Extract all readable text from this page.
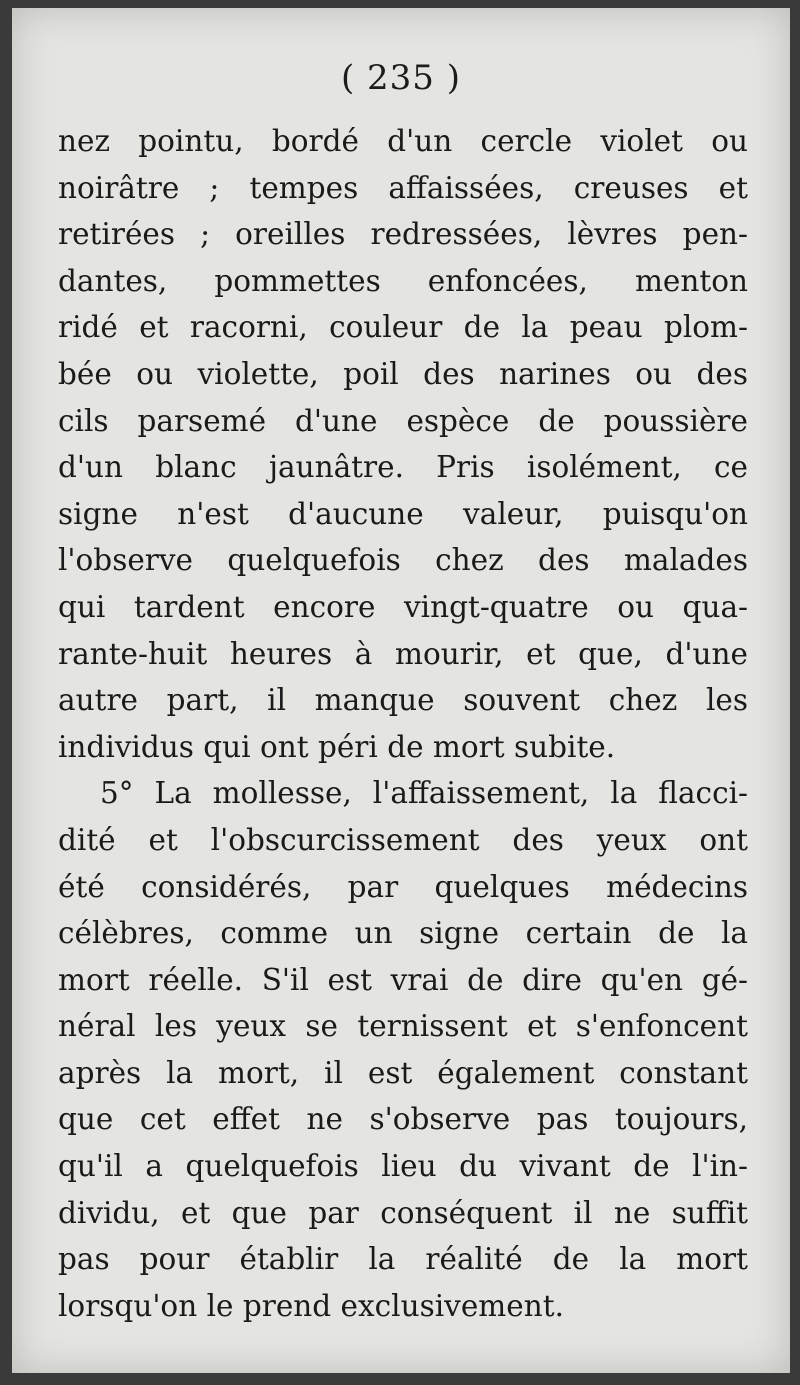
( 235 )
nez pointu, bordé d'un cercle violet ou
noirâtre ; tempes affaissées, creuses et
retirées ; oreilles redressées, lèvres pen-
dantes, pommettes enfoncées, menton
ridé et racorni, couleur de la peau plom-
bée ou violette, poil des narines ou des
cils parsemé d'une espèce de poussière
d'un blanc jaunâtre. Pris isolément, ce
signe n'est d'aucune valeur, puisqu'on
l'observe quelquefois chez des malades
qui tardent encore vingt-quatre ou qua-
rante-huit heures à mourir, et que, d'une
autre part, il manque souvent chez les
individus qui ont péri de mort subite.
5° La mollesse, l'affaissement, la flacci-
dité et l'obscurcissement des yeux ont
été considérés, par quelques médecins
célèbres, comme un signe certain de la
mort réelle. S'il est vrai de dire qu'en gé-
néral les yeux se ternissent et s'enfoncent
après la mort, il est également constant
que cet effet ne s'observe pas toujours,
qu'il a quelquefois lieu du vivant de l'in-
dividu, et que par conséquent il ne suffit
pas pour établir la réalité de la mort
lorsqu'on le prend exclusivement.
